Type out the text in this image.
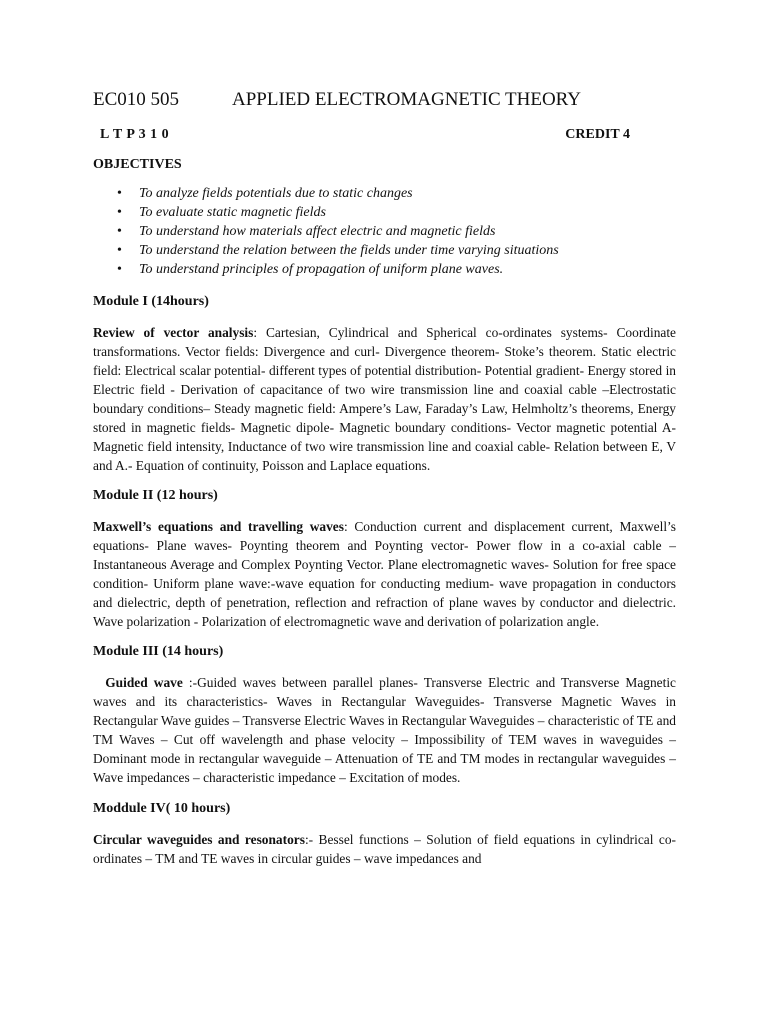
EC010 505	APPLIED ELECTROMAGNETIC THEORY
L T P 3 1 0	CREDIT 4
OBJECTIVES
• To analyze fields potentials due to static changes
• To evaluate static magnetic fields
• To understand how materials affect electric and magnetic fields
• To understand the relation between the fields under time varying situations
• To understand principles of propagation of uniform plane waves.
Module I (14hours)

Review of vector analysis: Cartesian, Cylindrical and Spherical co-ordinates systems- Coordinate transformations. Vector fields: Divergence and curl- Divergence theorem- Stoke’s theorem. Static electric field: Electrical scalar potential- different types of potential distribution- Potential gradient- Energy stored in Electric field - Derivation of capacitance of two wire transmission line and coaxial cable –Electrostatic boundary conditions– Steady magnetic field: Ampere’s Law, Faraday’s Law, Helmholtz’s theorems, Energy stored in magnetic fields- Magnetic dipole- Magnetic boundary conditions- Vector magnetic potential A- Magnetic field intensity, Inductance of two wire transmission line and coaxial cable- Relation between E, V and A.- Equation of continuity, Poisson and Laplace equations.

Module II (12 hours)

Maxwell’s equations and travelling waves: Conduction current and displacement current, Maxwell’s equations- Plane waves- Poynting theorem and Poynting vector- Power flow in a co-axial cable – Instantaneous Average and Complex Poynting Vector. Plane electromagnetic waves- Solution for free space condition- Uniform plane wave:-wave equation for conducting medium- wave propagation in conductors and dielectric, depth of penetration, reflection and refraction of plane waves by conductor and dielectric. Wave polarization - Polarization of electromagnetic wave and derivation of polarization angle.

Module III (14 hours)

Guided wave :-Guided waves between parallel planes- Transverse Electric and Transverse Magnetic waves and its characteristics- Waves in Rectangular Waveguides- Transverse Magnetic Waves in Rectangular Wave guides – Transverse Electric Waves in Rectangular Waveguides – characteristic of TE and TM Waves – Cut off wavelength and phase velocity – Impossibility of TEM waves in waveguides – Dominant mode in rectangular waveguide – Attenuation of TE and TM modes in rectangular waveguides – Wave impedances – characteristic impedance – Excitation of modes.

Moddule IV( 10 hours)

Circular waveguides and resonators:- Bessel functions – Solution of field equations in cylindrical co-ordinates – TM and TE waves in circular guides – wave impedances and
